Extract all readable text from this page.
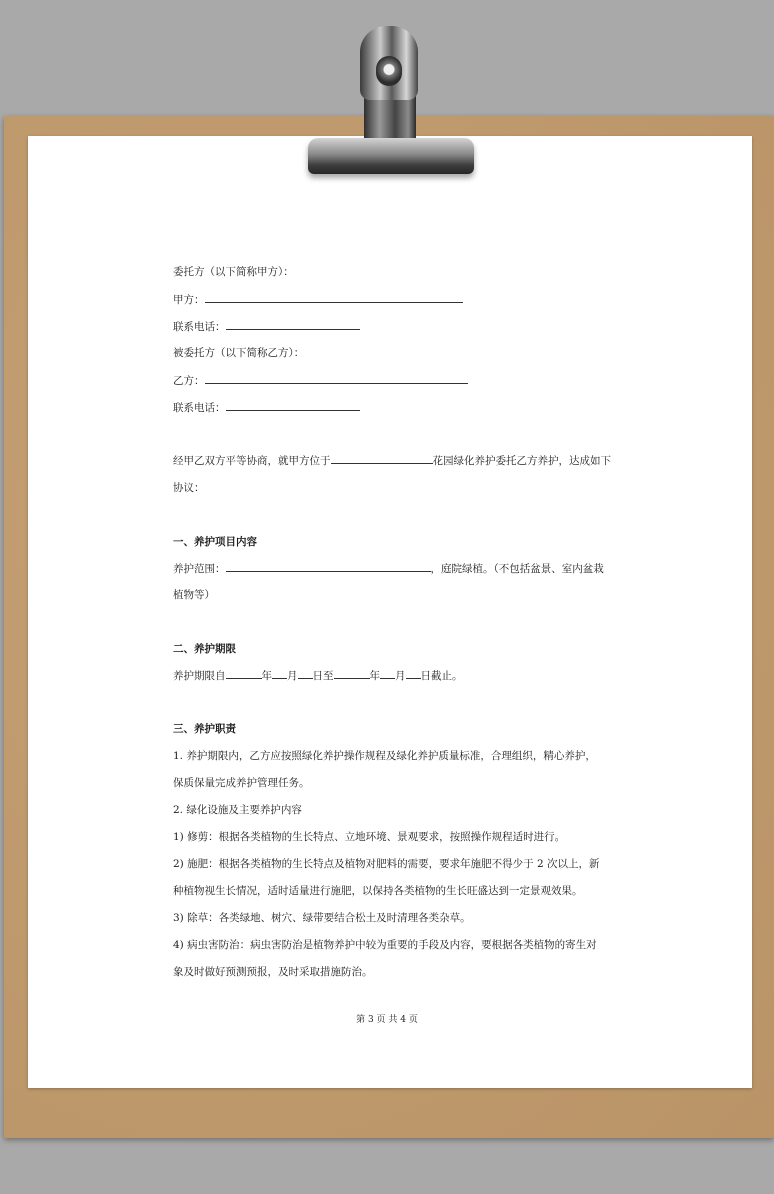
委托方（以下简称甲方）：
甲方：
联系电话：
被委托方（以下简称乙方）：
乙方：
联系电话：
经甲乙双方平等协商，就甲方位于	花园绿化养护委托乙方养护，达成如下
协议：
一、养护项目内容
养护范围：	，庭院绿植。（不包括盆景、室内盆栽
植物等）
二、养护期限
养护期限自	年 月 日至	年 月 日截止。
三、养护职责
1. 养护期限内，乙方应按照绿化养护操作规程及绿化养护质量标准，合理组织，精心养护，
保质保量完成养护管理任务。
2. 绿化设施及主要养护内容
1) 修剪：根据各类植物的生长特点、立地环境、景观要求，按照操作规程适时进行。
2) 施肥：根据各类植物的生长特点及植物对肥料的需要，要求年施肥不得少于 2 次以上，新
种植物视生长情况，适时适量进行施肥，以保持各类植物的生长旺盛达到一定景观效果。
3) 除草：各类绿地、树穴、绿带要结合松土及时清理各类杂草。
4) 病虫害防治：病虫害防治是植物养护中较为重要的手段及内容，要根据各类植物的寄生对
象及时做好预测预报，及时采取措施防治。
第 3 页 共 4 页
